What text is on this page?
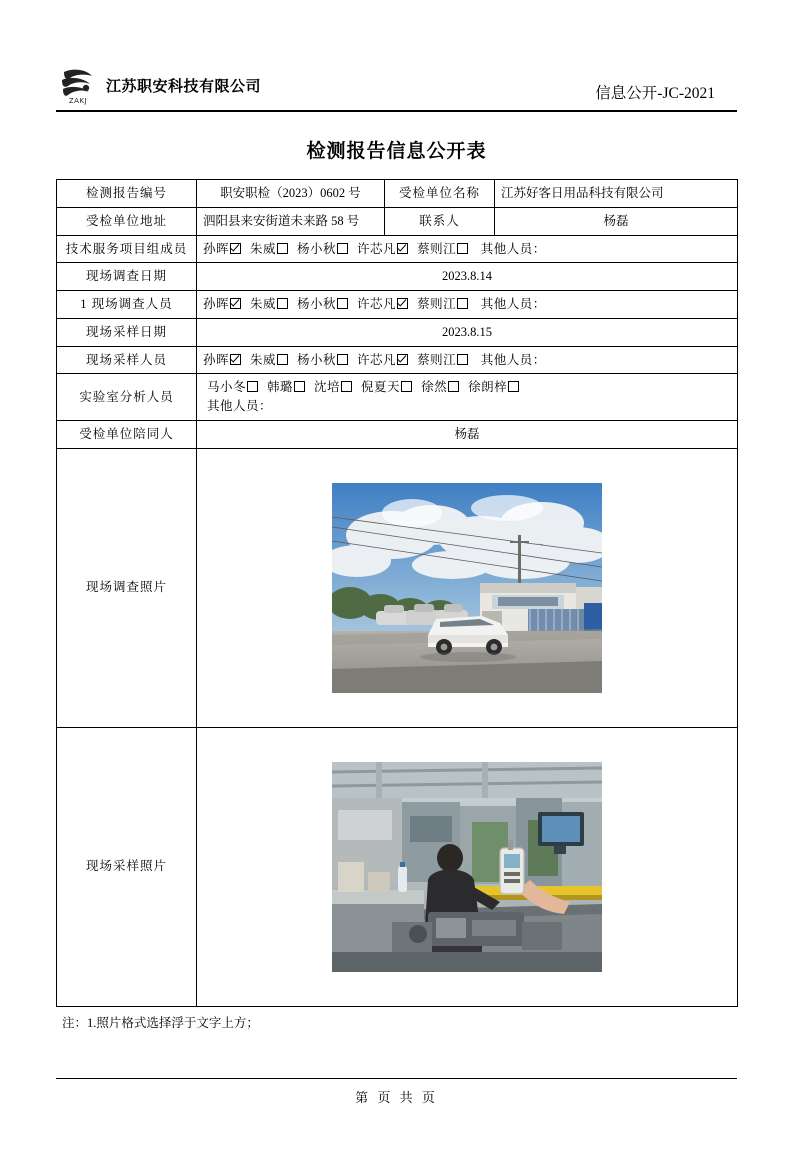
ZAKJ
江苏职安科技有限公司	信息公开-JC-2021
检测报告信息公开表
检测报告编号	职安职检（2023）0602 号	受检单位名称	江苏好客日用品科技有限公司
受检单位地址	泗阳县来安街道未来路 58 号	联系人	杨磊
技术服务项目组成员	孙晖 朱威 杨小秋 许芯凡 蔡则江 其他人员：		
现场调查日期	2023.8.14		
1 现场调查人员	孙晖 朱威 杨小秋 许芯凡 蔡则江 其他人员：		
现场采样日期	2023.8.15		
现场采样人员	孙晖 朱威 杨小秋 许芯凡 蔡则江 其他人员：		
实验室分析人员	马小冬 韩璐 沈培 倪夏天 徐然 徐朗梓
其他人员：		

受检单位陪同人	杨磊		
现场调查照片	

现场采样照片	
注：1.照片格式选择浮于文字上方；
第 页 共 页
